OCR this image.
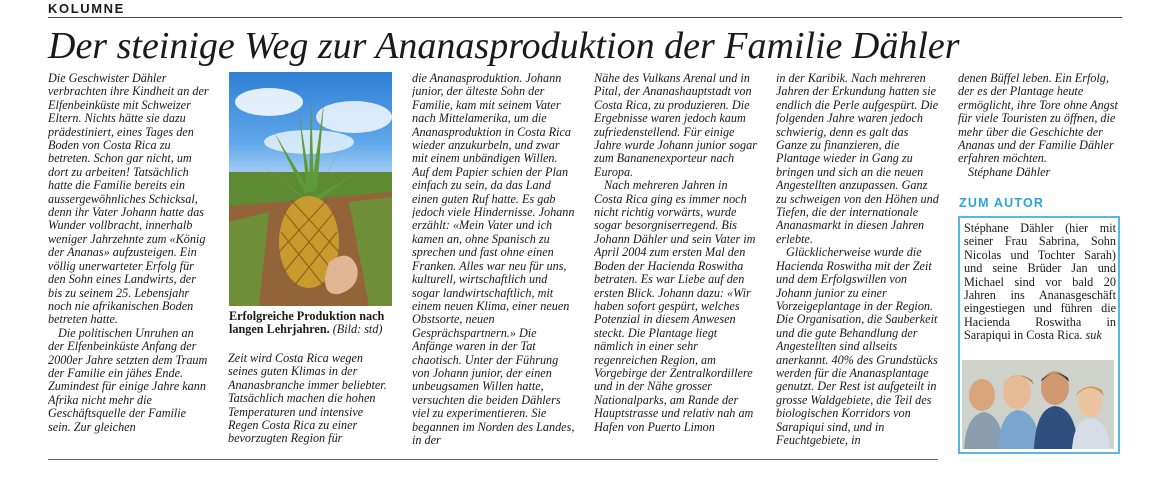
KOLUMNE
Der steinige Weg zur Ananasproduktion der Familie Dähler

Die Geschwister Dähler verbrachten ihre Kindheit an der Elfenbeinküste mit Schweizer Eltern. Nichts hätte sie dazu prädestiniert, eines Tages den Boden von Costa Rica zu betreten. Schon gar nicht, um dort zu arbeiten! Tatsächlich hatte die Familie bereits ein aussergewöhnliches Schicksal, denn ihr Vater Johann hatte das Wunder vollbracht, innerhalb weniger Jahrzehnte zum «König der Ananas» aufzusteigen. Ein völlig unerwarteter Erfolg für den Sohn eines Landwirts, der bis zu seinem 25. Lebensjahr noch nie afrikanischen Boden betreten hatte.

Die politischen Unruhen an der Elfenbeinküste Anfang der 2000er Jahre setzten dem Traum der Familie ein jähes Ende. Zumindest für einige Jahre kann Afrika nicht mehr die Geschäftsquelle der Familie sein. Zur gleichen

Erfolgreiche Produktion nach langen Lehrjahren. (Bild: std)

Zeit wird Costa Rica wegen seines guten Klimas in der Ananasbranche immer beliebter. Tatsächlich machen die hohen Temperaturen und intensive Regen Costa Rica zu einer bevorzugten Region für

die Ananasproduktion. Johann junior, der älteste Sohn der Familie, kam mit seinem Vater nach Mittelamerika, um die Ananasproduktion in Costa Rica wieder anzukurbeln, und zwar mit einem unbändigen Willen. Auf dem Papier schien der Plan einfach zu sein, da das Land einen guten Ruf hatte. Es gab jedoch viele Hindernisse. Johann erzählt: «Mein Vater und ich kamen an, ohne Spanisch zu sprechen und fast ohne einen Franken. Alles war neu für uns, kulturell, wirtschaftlich und sogar landwirtschaftlich, mit einem neuen Klima, einer neuen Obstsorte, neuen Gesprächspartnern.» Die Anfänge waren in der Tat chaotisch. Unter der Führung von Johann junior, der einen unbeugsamen Willen hatte, versuchten die beiden Dählers viel zu experimentieren. Sie begannen im Norden des Landes, in der

Nähe des Vulkans Arenal und in Pital, der Ananashauptstadt von Costa Rica, zu produzieren. Die Ergebnisse waren jedoch kaum zufriedenstellend. Für einige Jahre wurde Johann junior sogar zum Bananenexporteur nach Europa.

Nach mehreren Jahren in Costa Rica ging es immer noch nicht richtig vorwärts, wurde sogar besorgniserregend. Bis Johann Dähler und sein Vater im April 2004 zum ersten Mal den Boden der Hacienda Roswitha betraten. Es war Liebe auf den ersten Blick. Johann dazu: «Wir haben sofort gespürt, welches Potenzial in diesem Anwesen steckt. Die Plantage liegt nämlich in einer sehr regenreichen Region, am Vorgebirge der Zentralkordillere und in der Nähe grosser Nationalparks, am Rande der Hauptstrasse und relativ nah am Hafen von Puerto Limon

in der Karibik. Nach mehreren Jahren der Erkundung hatten sie endlich die Perle aufgespürt. Die folgenden Jahre waren jedoch schwierig, denn es galt das Ganze zu finanzieren, die Plantage wieder in Gang zu bringen und sich an die neuen Angestellten anzupassen. Ganz zu schweigen von den Höhen und Tiefen, die der internationale Ananasmarkt in diesen Jahren erlebte.

Glücklicherweise wurde die Hacienda Roswitha mit der Zeit und dem Erfolgswillen von Johann junior zu einer Vorzeigeplantage in der Region. Die Organisation, die Sauberkeit und die gute Behandlung der Angestellten sind allseits anerkannt. 40% des Grundstücks werden für die Ananasplantage genutzt. Der Rest ist aufgeteilt in grosse Waldgebiete, die Teil des biologischen Korridors von Sarapiqui sind, und in Feuchtgebiete, in

denen Büffel leben. Ein Erfolg, der es der Plantage heute ermöglicht, ihre Tore ohne Angst für viele Touristen zu öffnen, die mehr über die Geschichte der Ananas und der Familie Dähler erfahren möchten.

Stéphane Dähler

ZUM AUTOR
Stéphane Dähler (hier mit seiner Frau Sabrina, Sohn Nicolas und Tochter Sarah) und seine Brüder Jan und Michael sind vor bald 20 Jahren ins Ananasgeschäft eingestiegen und führen die Hacienda Roswitha in Sarapiqui in Costa Rica. suk
